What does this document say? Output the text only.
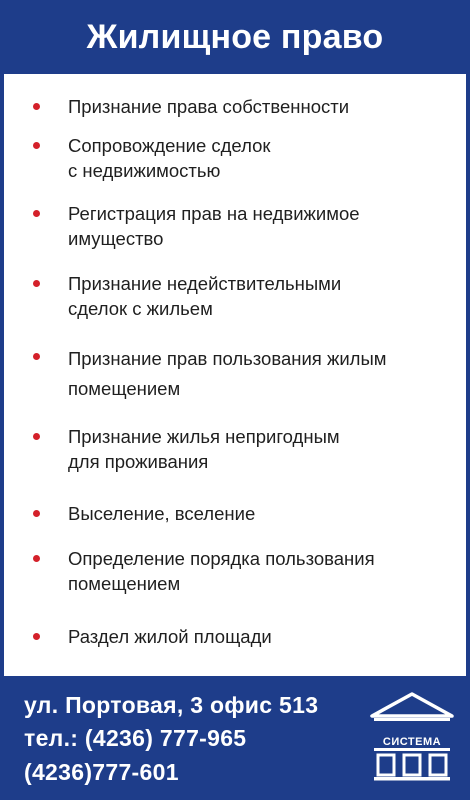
Жилищное право
Признание права собственности
Сопровождение сделок
с недвижимостью
Регистрация прав на недвижимое
имущество
Признание недействительными
сделок с жильем
Признание прав пользования жилым
помещением
Признание жилья непригодным
для проживания
Выселение, вселение
Определение порядка пользования
помещением
Раздел жилой площади
ул. Портовая, 3 офис 513
тел.: (4236) 777-965
(4236)777-601
СИСТЕМА
